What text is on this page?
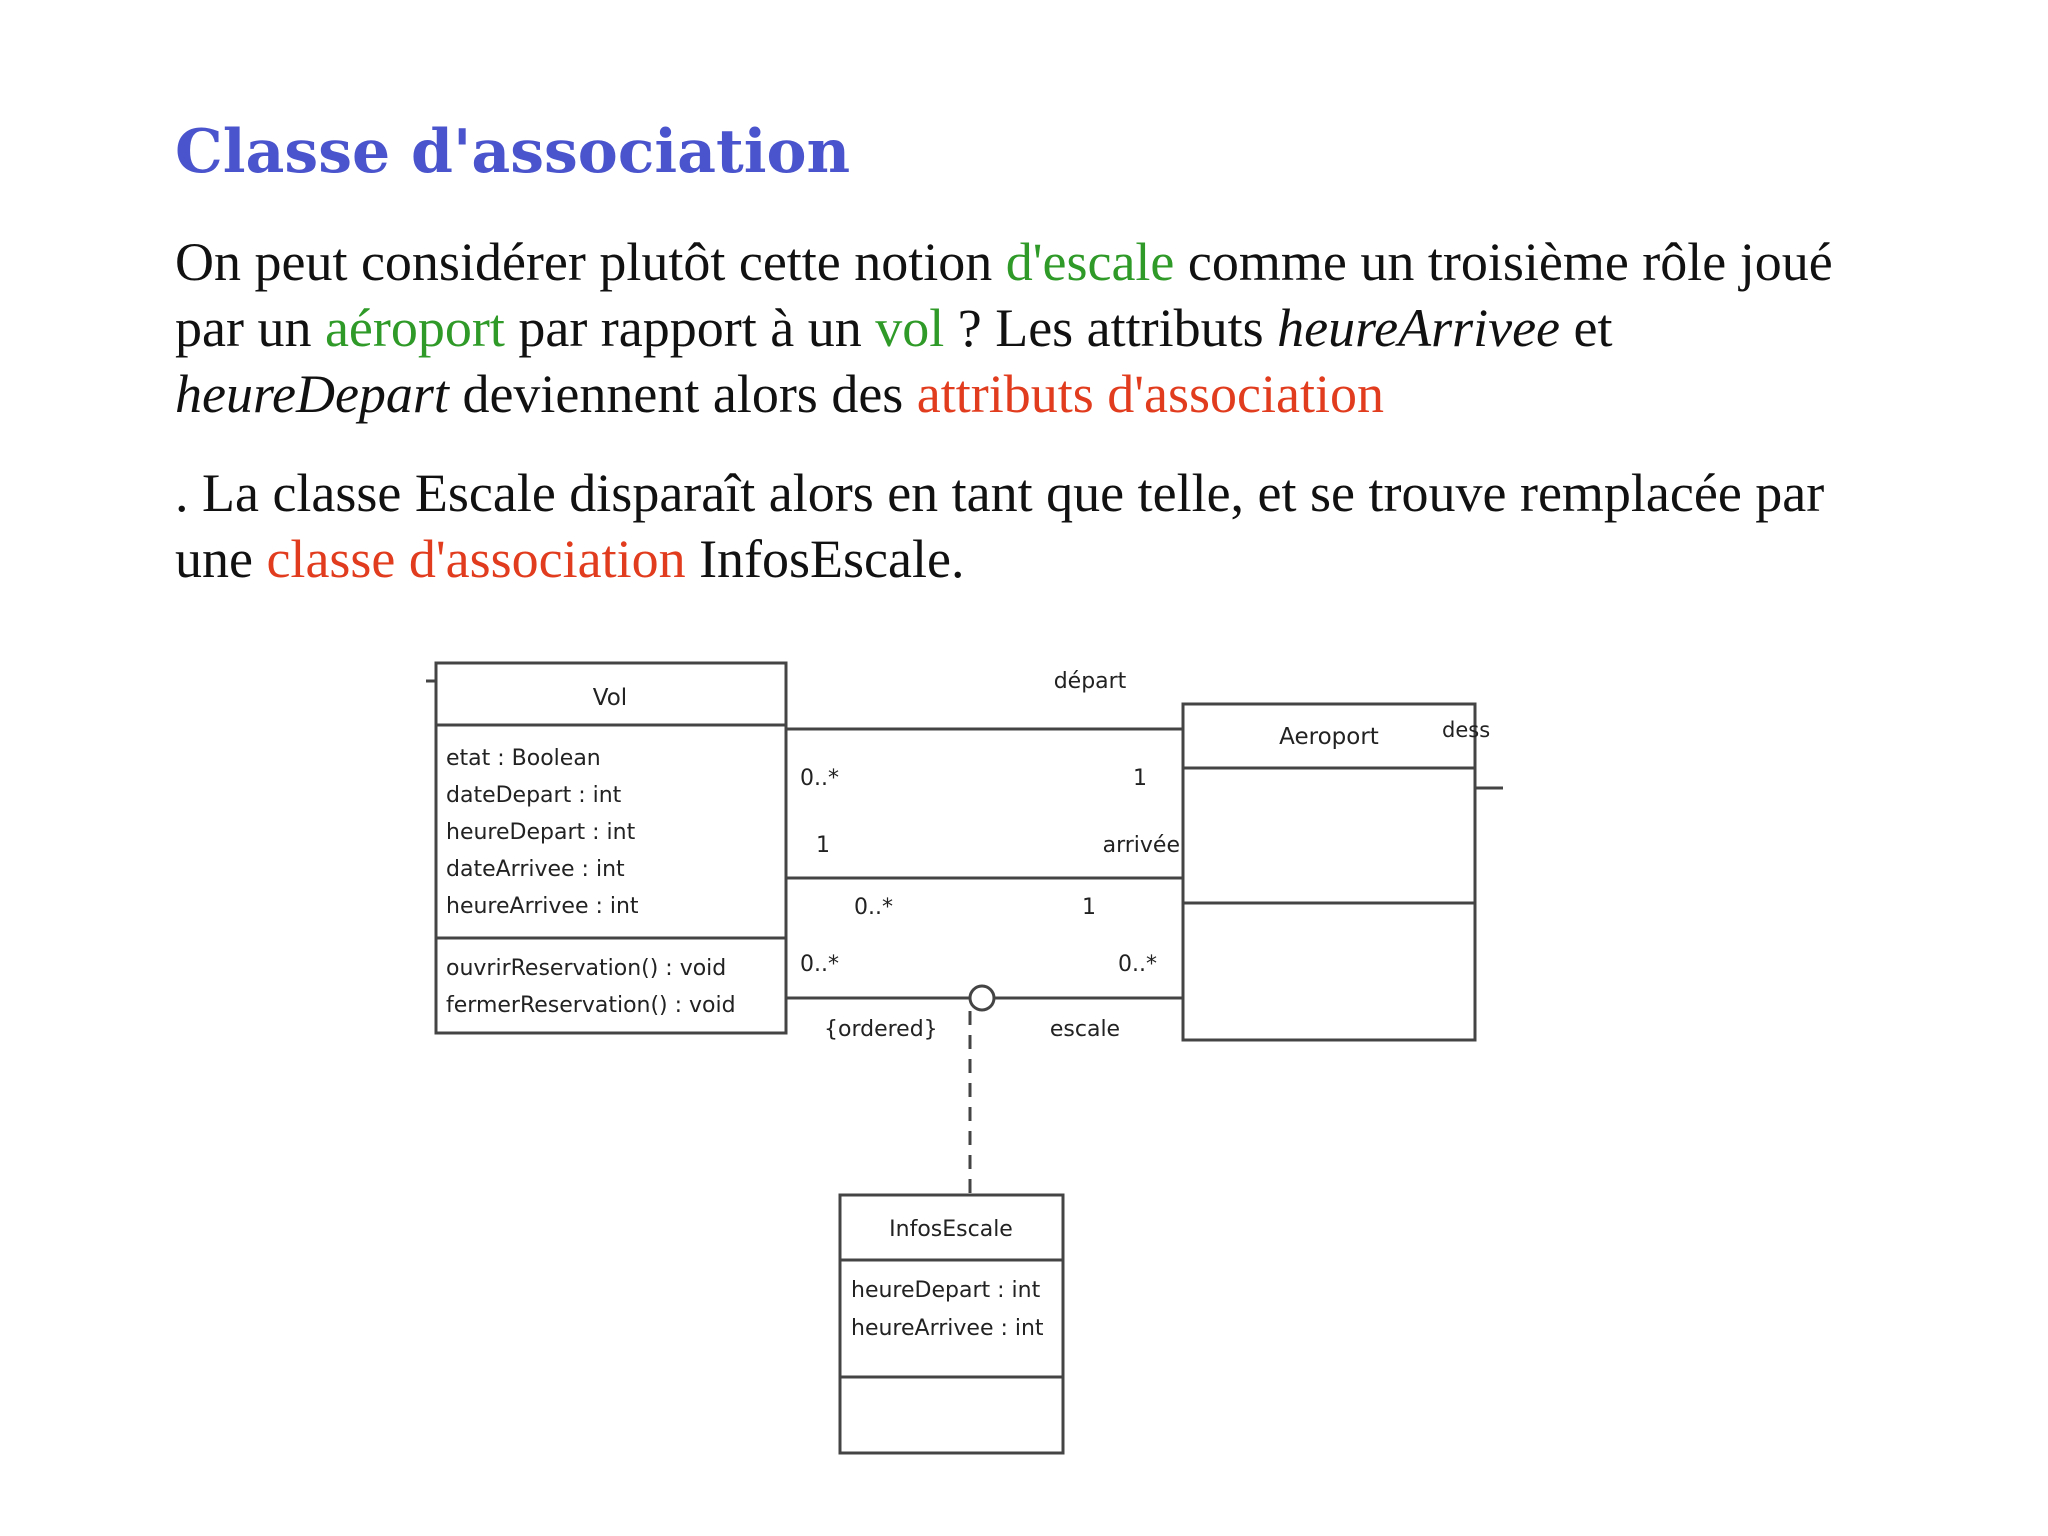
Classe d'association

On peut considérer plutôt cette notion d'escale comme un troisième rôle joué par un aéroport par rapport à un vol ? Les attributs heureArrivee et heureDepart deviennent alors des attributs d'association

. La classe Escale disparaît alors en tant que telle, et se trouve remplacée par une classe d'association InfosEscale.

Vol
etat : Boolean
dateDepart : int
heureDepart : int
dateArrivee : int
heureArrivee : int
ouvrirReservation() : void
fermerReservation() : void
Aeroport	dess
InfosEscale
heureDepart : int
heureArrivee : int
départ
0..*	1
1	arrivée
0..*	1
0..*	0..*
{ordered}	escale
